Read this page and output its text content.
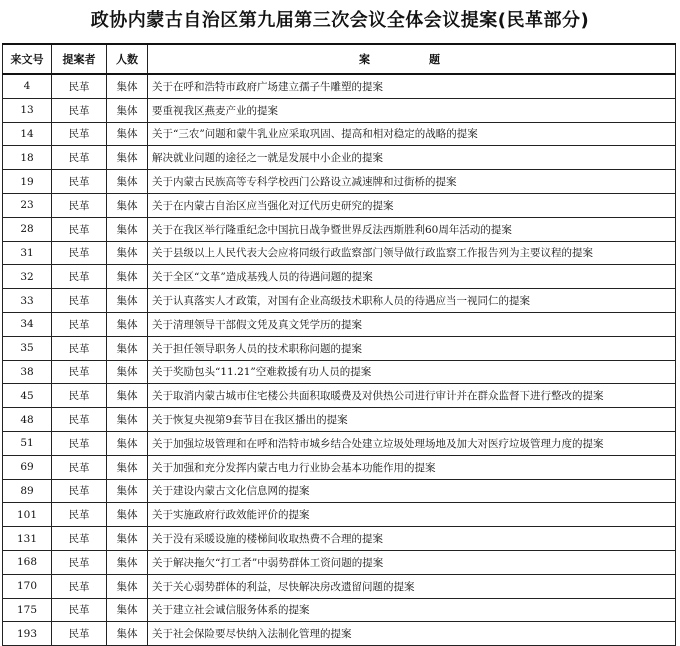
政协内蒙古自治区第九届第三次会议全体会议提案(民革部分)
来文号	提案者	人数	案　题
4	民革	集体	关于在呼和浩特市政府广场建立孺子牛雕塑的提案
13	民革	集体	要重视我区燕麦产业的提案
14	民革	集体	关于“三农”问题和蒙牛乳业应采取巩固、提高和相对稳定的战略的提案
18	民革	集体	解决就业问题的途径之一就是发展中小企业的提案
19	民革	集体	关于内蒙古民族高等专科学校西门公路设立减速牌和过街桥的提案
23	民革	集体	关于在内蒙古自治区应当强化对辽代历史研究的提案
28	民革	集体	关于在我区举行隆重纪念中国抗日战争暨世界反法西斯胜利60周年活动的提案
31	民革	集体	关于县级以上人民代表大会应将同级行政监察部门领导做行政监察工作报告列为主要议程的提案
32	民革	集体	关于全区“文革”造成基残人员的待遇问题的提案
33	民革	集体	关于认真落实人才政策，对国有企业高级技术职称人员的待遇应当一视同仁的提案
34	民革	集体	关于清理领导干部假文凭及真文凭学历的提案
35	民革	集体	关于担任领导职务人员的技术职称问题的提案
38	民革	集体	关于奖励包头“11.21”空难救援有功人员的提案
45	民革	集体	关于取消内蒙古城市住宅楼公共面积取暖费及对供热公司进行审计并在群众监督下进行整改的提案
48	民革	集体	关于恢复央视第9套节目在我区播出的提案
51	民革	集体	关于加强垃圾管理和在呼和浩特市城乡结合处建立垃圾处理场地及加大对医疗垃圾管理力度的提案
69	民革	集体	关于加强和充分发挥内蒙古电力行业协会基本功能作用的提案
89	民革	集体	关于建设内蒙古文化信息网的提案
101	民革	集体	关于实施政府行政效能评价的提案
131	民革	集体	关于没有采暖设施的楼梯间收取热费不合理的提案
168	民革	集体	关于解决拖欠“打工者”中弱势群体工资问题的提案
170	民革	集体	关于关心弱势群体的利益，尽快解决房改遗留问题的提案
175	民革	集体	关于建立社会诚信服务体系的提案
193	民革	集体	关于社会保险要尽快纳入法制化管理的提案
